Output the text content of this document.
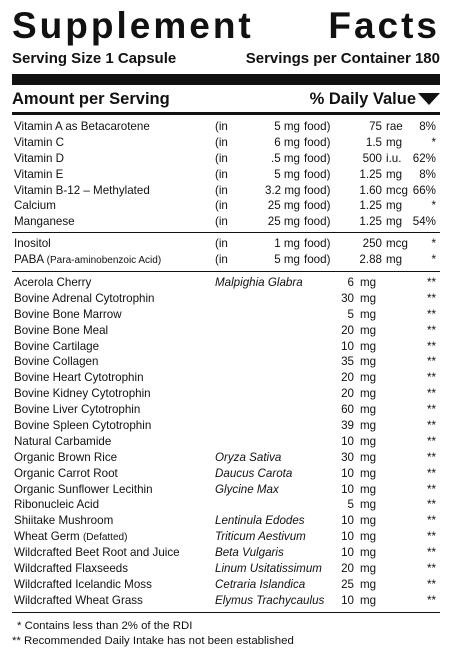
Supplement Facts
Serving Size 1 Capsule	Servings per Container 180
Amount per Serving	% Daily Value
Vitamin A as Betacarotene	(in	5 mg food)	75 rae 8%
Vitamin C	(in	6 mg food)	1.5 mg	*
Vitamin D	(in	.5 mg food)	500 i.u. 62%
Vitamin E	(in	5 mg food)	1.25 mg 8%
Vitamin B-12 – Methylated	(in	3.2 mg food)	1.60 mcg 66%
Calcium	(in	25 mg food)	1.25 mg	*
Manganese	(in	25 mg food)	1.25 mg 54%
Inositol	(in	1 mg food)	250 mcg *
PABA (Para-aminobenzoic Acid)	(in	5 mg food)	2.88 mg	*
Acerola Cherry	Malpighia Glabra	6 mg	**
Bovine Adrenal Cytotrophin	30 mg	**
Bovine Bone Marrow	5 mg	**
Bovine Bone Meal	20 mg	**
Bovine Cartilage	10 mg	**
Bovine Collagen	35 mg	**
Bovine Heart Cytotrophin	20 mg	**
Bovine Kidney Cytotrophin	20 mg	**
Bovine Liver Cytotrophin	60 mg	**
Bovine Spleen Cytotrophin	39 mg	**
Natural Carbamide	10 mg	**
Organic Brown Rice	Oryza Sativa	30 mg	**
Organic Carrot Root	Daucus Carota	10 mg	**
Organic Sunflower Lecithin	Glycine Max	10 mg	**
Ribonucleic Acid	5 mg	**
Shiitake Mushroom	Lentinula Edodes	10 mg	**
Wheat Germ (Defatted)	Triticum Aestivum	10 mg	**
Wildcrafted Beet Root and Juice	Beta Vulgaris	10 mg	**
Wildcrafted Flaxseeds	Linum Usitatissimum	20 mg	**
Wildcrafted Icelandic Moss	Cetraria Islandica	25 mg	**
Wildcrafted Wheat Grass	Elymus Trachycaulus	10 mg	**
* Contains less than 2% of the RDI
** Recommended Daily Intake has not been established
